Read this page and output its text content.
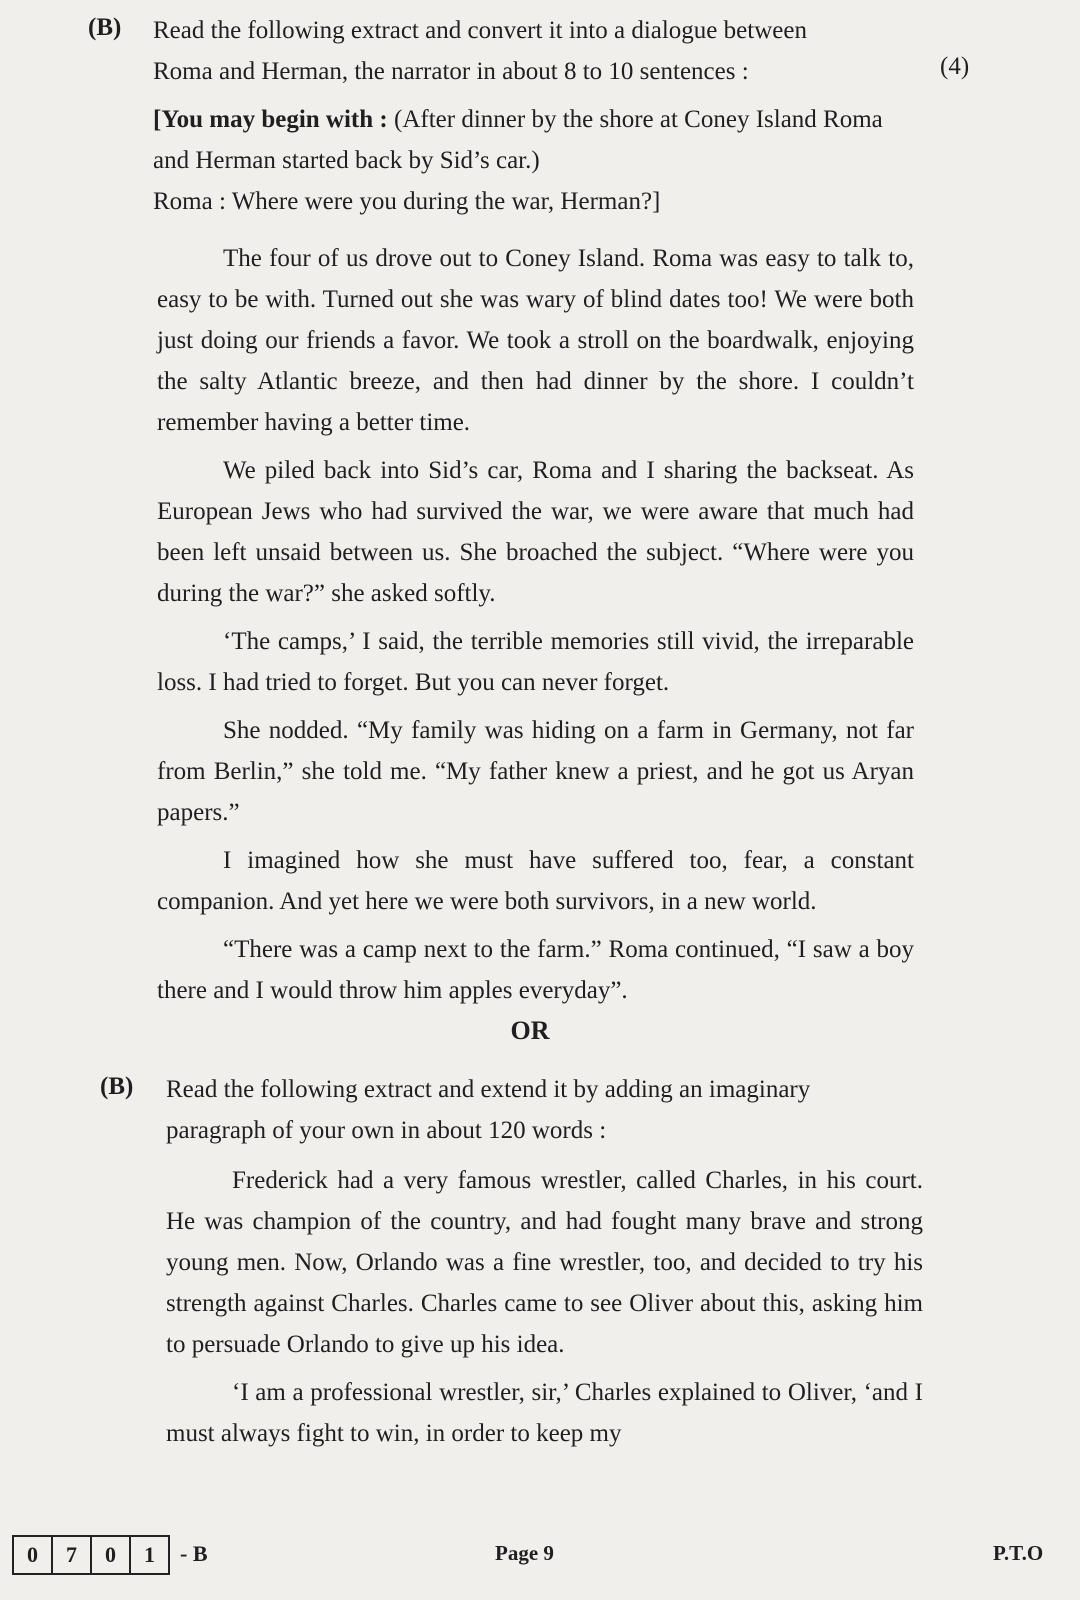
(B) Read the following extract and convert it into a dialogue between
Roma and Herman, the narrator in about 8 to 10 sentences :	(4)
[You may begin with : (After dinner by the shore at Coney Island Roma and Herman started back by Sid’s car.)
Roma : Where were you during the war, Herman?]

The four of us drove out to Coney Island. Roma was easy to talk to, easy to be with. Turned out she was wary of blind dates too! We were both just doing our friends a favor. We took a stroll on the boardwalk, enjoying the salty Atlantic breeze, and then had dinner by the shore. I couldn’t remember having a better time.

We piled back into Sid’s car, Roma and I sharing the backseat. As European Jews who had survived the war, we were aware that much had been left unsaid between us. She broached the subject. “Where were you during the war?” she asked softly.

‘The camps,’ I said, the terrible memories still vivid, the irreparable loss. I had tried to forget. But you can never forget.

She nodded. “My family was hiding on a farm in Germany, not far from Berlin,” she told me. “My father knew a priest, and he got us Aryan papers.”

I imagined how she must have suffered too, fear, a constant companion. And yet here we were both survivors, in a new world.

“There was a camp next to the farm.” Roma continued, “I saw a boy there and I would throw him apples everyday”.

OR
(B) Read the following extract and extend it by adding an imaginary paragraph of your own in about 120 words :

Frederick had a very famous wrestler, called Charles, in his court. He was champion of the country, and had fought many brave and strong young men. Now, Orlando was a fine wrestler, too, and decided to try his strength against Charles. Charles came to see Oliver about this, asking him to persuade Orlando to give up his idea.

‘I am a professional wrestler, sir,’ Charles explained to Oliver, ‘and I must always fight to win, in order to keep my

0	7	0	1	- B	Page 9	P.T.O
